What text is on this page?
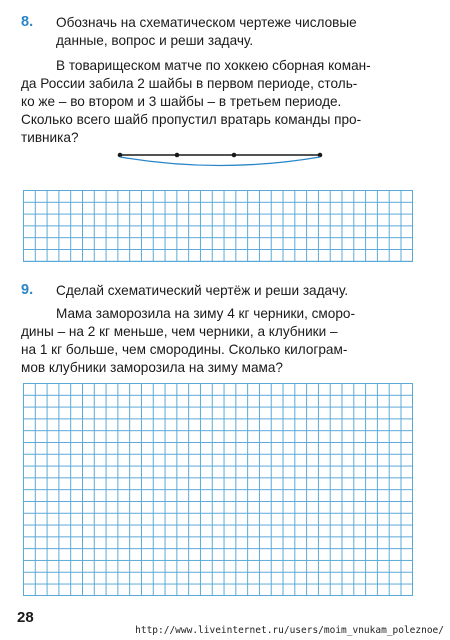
8. Обозначь на схематическом чертеже числовые

данные, вопрос и реши задачу.

В товарищеском матче по хоккею сборная коман-

да России забила 2 шайбы в первом периоде, столь-

ко же – во втором и 3 шайбы – в третьем периоде.

Сколько всего шайб пропустил вратарь команды про-

тивника?

9. Сделай схематический чертёж и реши задачу.

Мама заморозила на зиму 4 кг черники, сморо-

дины – на 2 кг меньше, чем черники, а клубники –

на 1 кг больше, чем смородины. Сколько килограм-

мов клубники заморозила на зиму мама?

28
http://www.liveinternet.ru/users/moim_vnukam_poleznoe/
